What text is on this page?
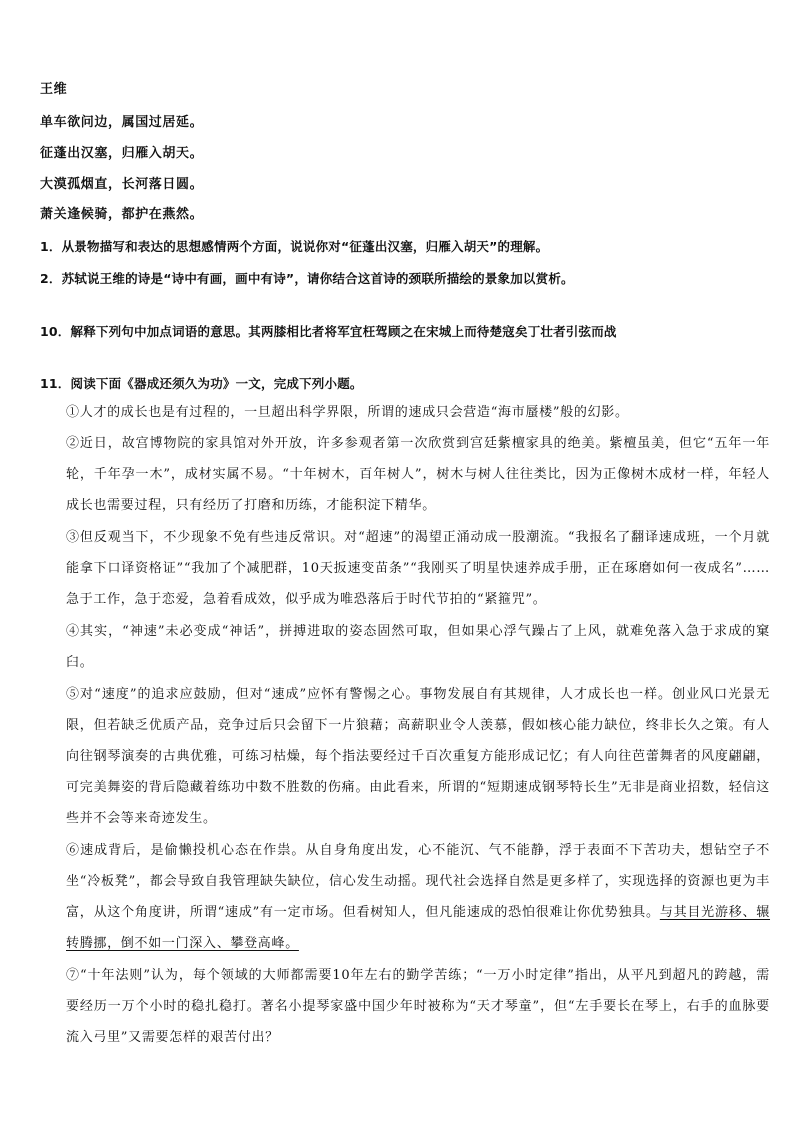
王维
单车欲问边，属国过居延。
征蓬出汉塞，归雁入胡天。
大漠孤烟直，长河落日圆。
萧关逢候骑，都护在燕然。
1．从景物描写和表达的思想感情两个方面，说说你对“征蓬出汉塞，归雁入胡天”的理解。
2．苏轼说王维的诗是“诗中有画，画中有诗”，请你结合这首诗的颈联所描绘的景象加以赏析。
10．解释下列句中加点词语的意思。其两膝相比者将军宜枉驾顾之在宋城上而待楚寇矣丁壮者引弦而战
11．阅读下面《器成还须久为功》一文，完成下列小题。
①人才的成长也是有过程的，一旦超出科学界限，所谓的速成只会营造“海市蜃楼”般的幻影。
②近日，故宫博物院的家具馆对外开放，许多参观者第一次欣赏到宫廷紫檀家具的绝美。紫檀虽美，但它“五年一年轮，千年孕一木”，成材实属不易。“十年树木，百年树人”，树木与树人往往类比，因为正像树木成材一样，年轻人成长也需要过程，只有经历了打磨和历练，才能积淀下精华。
③但反观当下，不少现象不免有些违反常识。对“超速”的渴望正涌动成一股潮流。“我报名了翻译速成班，一个月就能拿下口译资格证”“我加了个减肥群，10天扳速变苗条”“我刚买了明星快速养成手册，正在琢磨如何一夜成名”……急于工作，急于恋爱，急着看成效，似乎成为唯恐落后于时代节拍的“紧箍咒”。
④其实，“神速”未必变成“神话”，拼搏进取的姿态固然可取，但如果心浮气躁占了上风，就难免落入急于求成的窠臼。
⑤对“速度”的追求应鼓励，但对“速成”应怀有警惕之心。事物发展自有其规律，人才成长也一样。创业风口光景无限，但若缺乏优质产品，竞争过后只会留下一片狼藉；高薪职业令人羡慕，假如核心能力缺位，终非长久之策。有人向往钢琴演奏的古典优雅，可练习枯燥，每个指法要经过千百次重复方能形成记忆；有人向往芭蕾舞者的风度翩翩，可完美舞姿的背后隐藏着练功中数不胜数的伤痛。由此看来，所谓的“短期速成钢琴特长生”无非是商业招数，轻信这些并不会等来奇迹发生。
⑥速成背后，是偷懒投机心态在作祟。从自身角度出发，心不能沉、气不能静，浮于表面不下苦功夫，想钻空子不坐“冷板凳”，都会导致自我管理缺失缺位，信心发生动摇。现代社会选择自然是更多样了，实现选择的资源也更为丰富，从这个角度讲，所谓“速成”有一定市场。但看树知人，但凡能速成的恐怕很难让你优势独具。与其目光游移、辗转腾挪，倒不如一门深入、攀登高峰。
⑦“十年法则”认为，每个领域的大师都需要10年左右的勤学苦练；“一万小时定律”指出，从平凡到超凡的跨越，需要经历一万个小时的稳扎稳打。著名小提琴家盛中国少年时被称为“天才琴童”，但“左手要长在琴上，右手的血脉要流入弓里”又需要怎样的艰苦付出？
